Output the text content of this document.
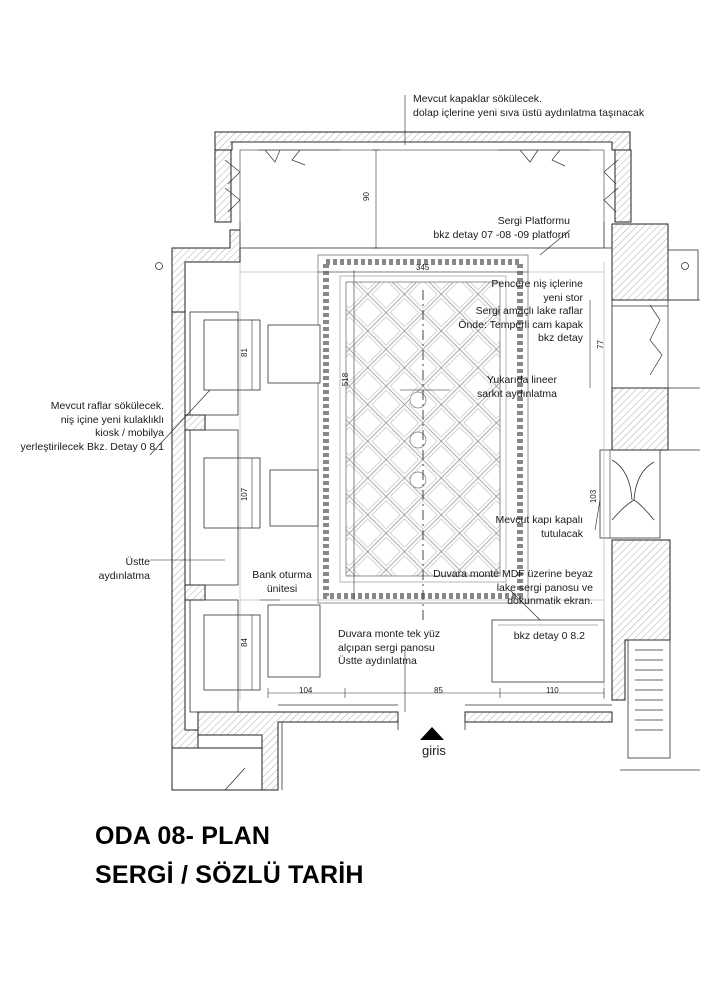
Mevcut kapaklar sökülecek.
dolap içlerine yeni sıva üstü aydınlatma taşınacak
Sergi Platformu
bkz detay 07 -08 -09 platform
Pencere niş içlerine
yeni stor
Sergi amaçlı lake raflar
Önde: Temperli cam kapak
bkz detay
Yukarıda lineer
sarkıt aydınlatma
Mevcut raflar sökülecek.
niş içine yeni kulaklıklı
kiosk / mobilya
yerleştirilecek Bkz. Detay 0 8.1
Mevcut kapı kapalı
tutulacak
Üstte
aydınlatma	Bank oturma
ünitesi
Duvara monte MDF üzerine beyaz
lake sergi panosu ve
dokunmatik ekran.
bkz detay 0 8.2
Duvara monte tek yüz
alçıpan sergi panosu
Üstte aydınlatma
90
345
518
77
81
107
84
103
104	85	110
giris
ODA 08- PLAN
SERGİ / SÖZLÜ TARİH
